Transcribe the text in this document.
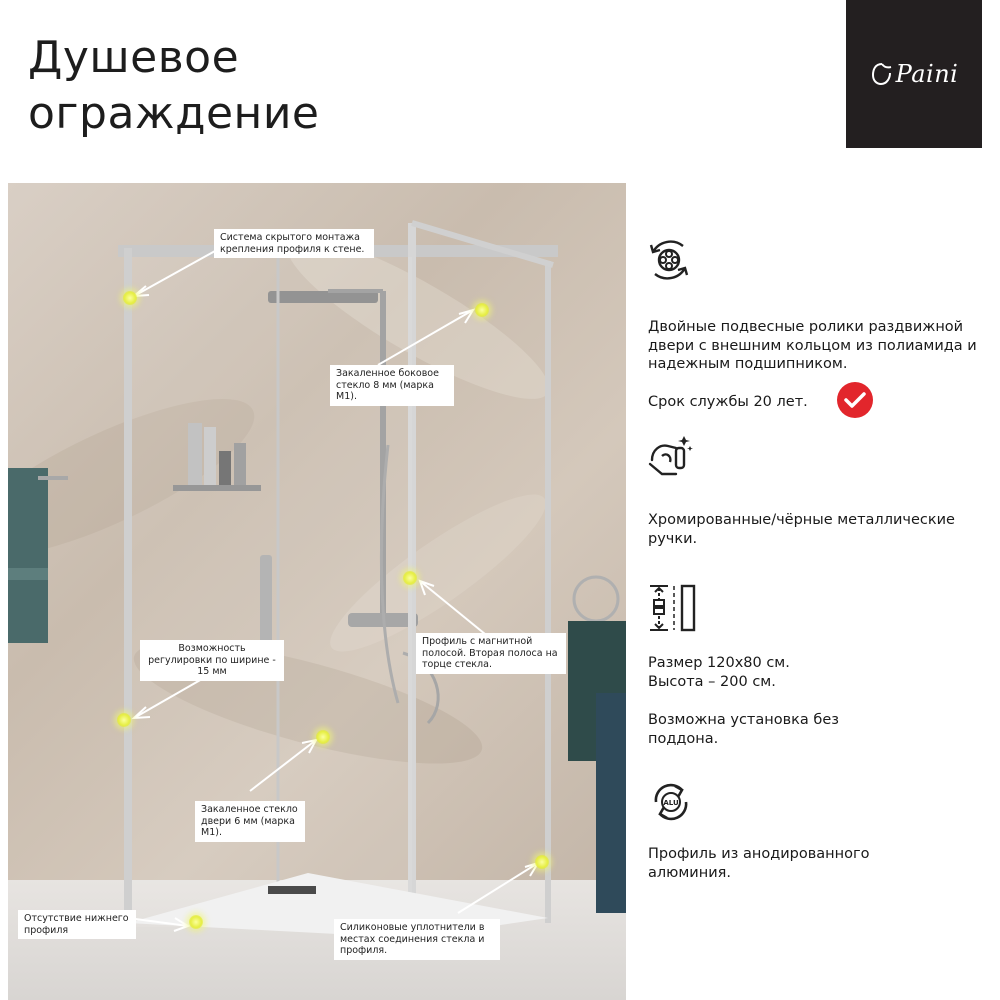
Душевое
ограждение
Paini
Система скрытого монтажа крепления профиля к стене.
Закаленное боковое стекло 8 мм (марка М1).
Профиль с магнитной полосой. Вторая полоса на торце стекла.
Возможность регулировки по ширине - 15 мм
Закаленное стекло двери 6 мм (марка М1).
Отсутствие нижнего профиля	Силиконовые уплотнители в местах соединения стекла и профиля.
Двойные подвесные ролики раздвижной двери с внешним кольцом из полиамида и надежным подшипником.
Срок службы 20 лет.
Хромированные/чёрные металлические ручки.
Размер 120х80 см.
Высота – 200 см.
Возможна установка без поддона.
ALU
Профиль из анодированного алюминия.
